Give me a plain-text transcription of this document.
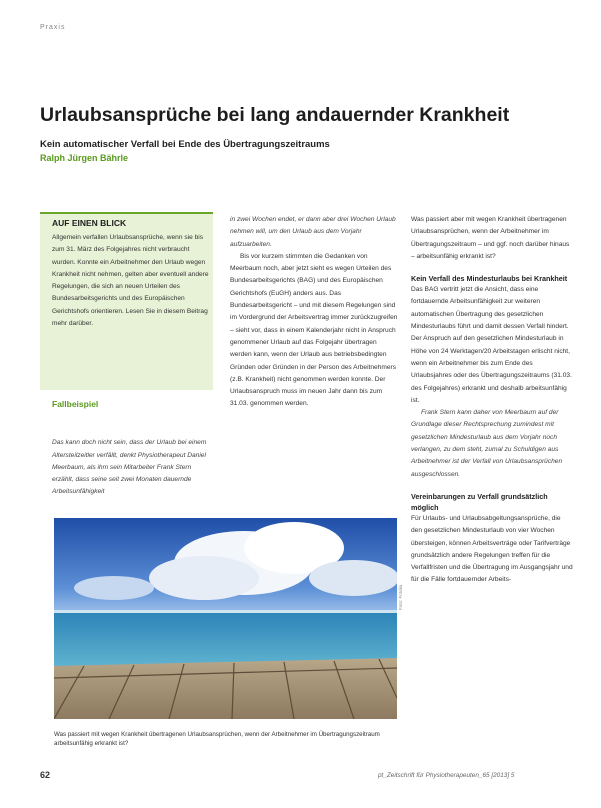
Praxis
Urlaubsansprüche bei lang andauernder Krankheit
Kein automatischer Verfall bei Ende des Übertragungszeitraums
Ralph Jürgen Bährle
AUF EINEN BLICK
Allgemein verfallen Urlaubsansprüche, wenn sie bis zum 31. März des Folgejahres nicht verbraucht wurden. Konnte ein Arbeitnehmer den Urlaub wegen Krankheit nicht nehmen, gelten aber eventuell andere Regelungen, die sich an neuen Urteilen des Bundesarbeitsgerichts und des Europäischen Gerichtshofs orientieren. Lesen Sie in diesem Beitrag mehr darüber.
Fallbeispiel

Das kann doch nicht sein, dass der Urlaub bei einem Altersteilzeitler verfällt, denkt Physiotherapeut Daniel Meerbaum, als ihm sein Mitarbeiter Frank Stern erzählt, dass seine seit zwei Monaten dauernde Arbeitsunfähigkeit

in zwei Wochen endet, er dann aber drei Wochen Urlaub nehmen will, um den Urlaub aus dem Vorjahr aufzuarbeiten.

Bis vor kurzem stimmten die Gedanken von Meerbaum noch, aber jetzt sieht es wegen Urteilen des Bundesarbeitsgerichts (BAG) und des Europäischen Gerichtshofs (EuGH) anders aus. Das Bundesarbeitsgericht – und mit diesem Regelungen sind im Vordergrund der Arbeitsvertrag immer zurückzugreifen – sieht vor, dass in einem Kalenderjahr nicht in Anspruch genommener Urlaub auf das Folgejahr übertragen werden kann, wenn der Urlaub aus betriebsbedingten Gründen oder Gründen in der Person des Arbeitnehmers (z.B. Krankheit) nicht genommen werden konnte. Der Urlaubsanspruch muss im neuen Jahr dann bis zum 31.03. genommen werden.

Was passiert aber mit wegen Krankheit übertragenen Urlaubsansprüchen, wenn der Arbeitnehmer im Übertragungszeitraum – und ggf. noch darüber hinaus – arbeitsunfähig erkrankt ist?

Kein Verfall des Mindesturlaubs bei Krankheit

Das BAG vertritt jetzt die Ansicht, dass eine fortdauernde Arbeitsunfähigkeit zur weiteren automatischen Übertragung des gesetzlichen Mindesturlaubs führt und damit dessen Verfall hindert. Der Anspruch auf den gesetzlichen Mindesturlaub in Höhe von 24 Werktagen/20 Arbeitstagen erlischt nicht, wenn ein Arbeitnehmer bis zum Ende des Urlaubsjahres oder des Übertragungszeitraums (31.03. des Folgejahres) erkrankt und deshalb arbeitsunfähig ist.

Frank Stern kann daher von Meerbaum auf der Grundlage dieser Rechtsprechung zumindest mit gesetzlichen Mindesturlaub aus dem Vorjahr noch verlangen, zu dem steht, zumal zu Schuldigen aus Arbeitnehmer ist der Verfall von Urlaubsansprüchen ausgeschlossen.

Vereinbarungen zu Verfall grundsätzlich möglich

Für Urlaubs- und Urlaubsabgeltungsansprüche, die den gesetzlichen Mindesturlaub von vier Wochen übersteigen, können Arbeitsverträge oder Tarifverträge grundsätzlich andere Regelungen treffen für die Verfallfristen und die Übertragung im Ausgangsjahr und für die Fälle fortdauernder Arbeits-

Foto: Fotolia
Was passiert mit wegen Krankheit übertragenen Urlaubsansprüchen, wenn der Arbeitnehmer im Übertragungszeitraum arbeitsunfähig erkrankt ist?
62	pt_Zeitschrift für Physiotherapeuten_65 [2013] 5
